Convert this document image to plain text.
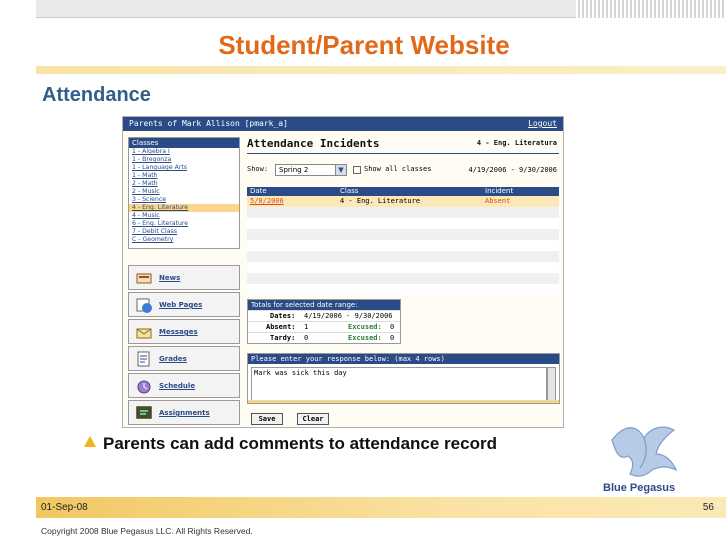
Student/Parent Website
Attendance
Parents of Mark Allison [pmark_a]	Logout
Classes
1 - Algebra I
1 - Bregonza
1 - Language Arts
1 - Math
2 - Math
2 - Music
3 - Science
4 - Eng. Literature
4 - Music
6 - Eng. Literature
7 - Debit Class
C - Geometry
News
Web Pages
Messages
Grades
Schedule
Assignments
Attendance Incidents	4 - Eng. Literatura
Show:	Spring 2	▼	Show all classes	4/19/2006 - 9/30/2006
Date	Class	Incident
5/0/2006	4 - Eng. Literature	Absent
Totals for selected date range:
Dates: 4/19/2006 - 9/30/2006
Absent: 1	Excused: 0
Tardy: 0	Excused: 0
Please enter your response below: (max 4 rows)
Mark was sick this day
Save	Clear
Parents can add comments to attendance record
Blue Pegasus
01-Sep-08	56
Copyright 2008 Blue Pegasus LLC. All Rights Reserved.
